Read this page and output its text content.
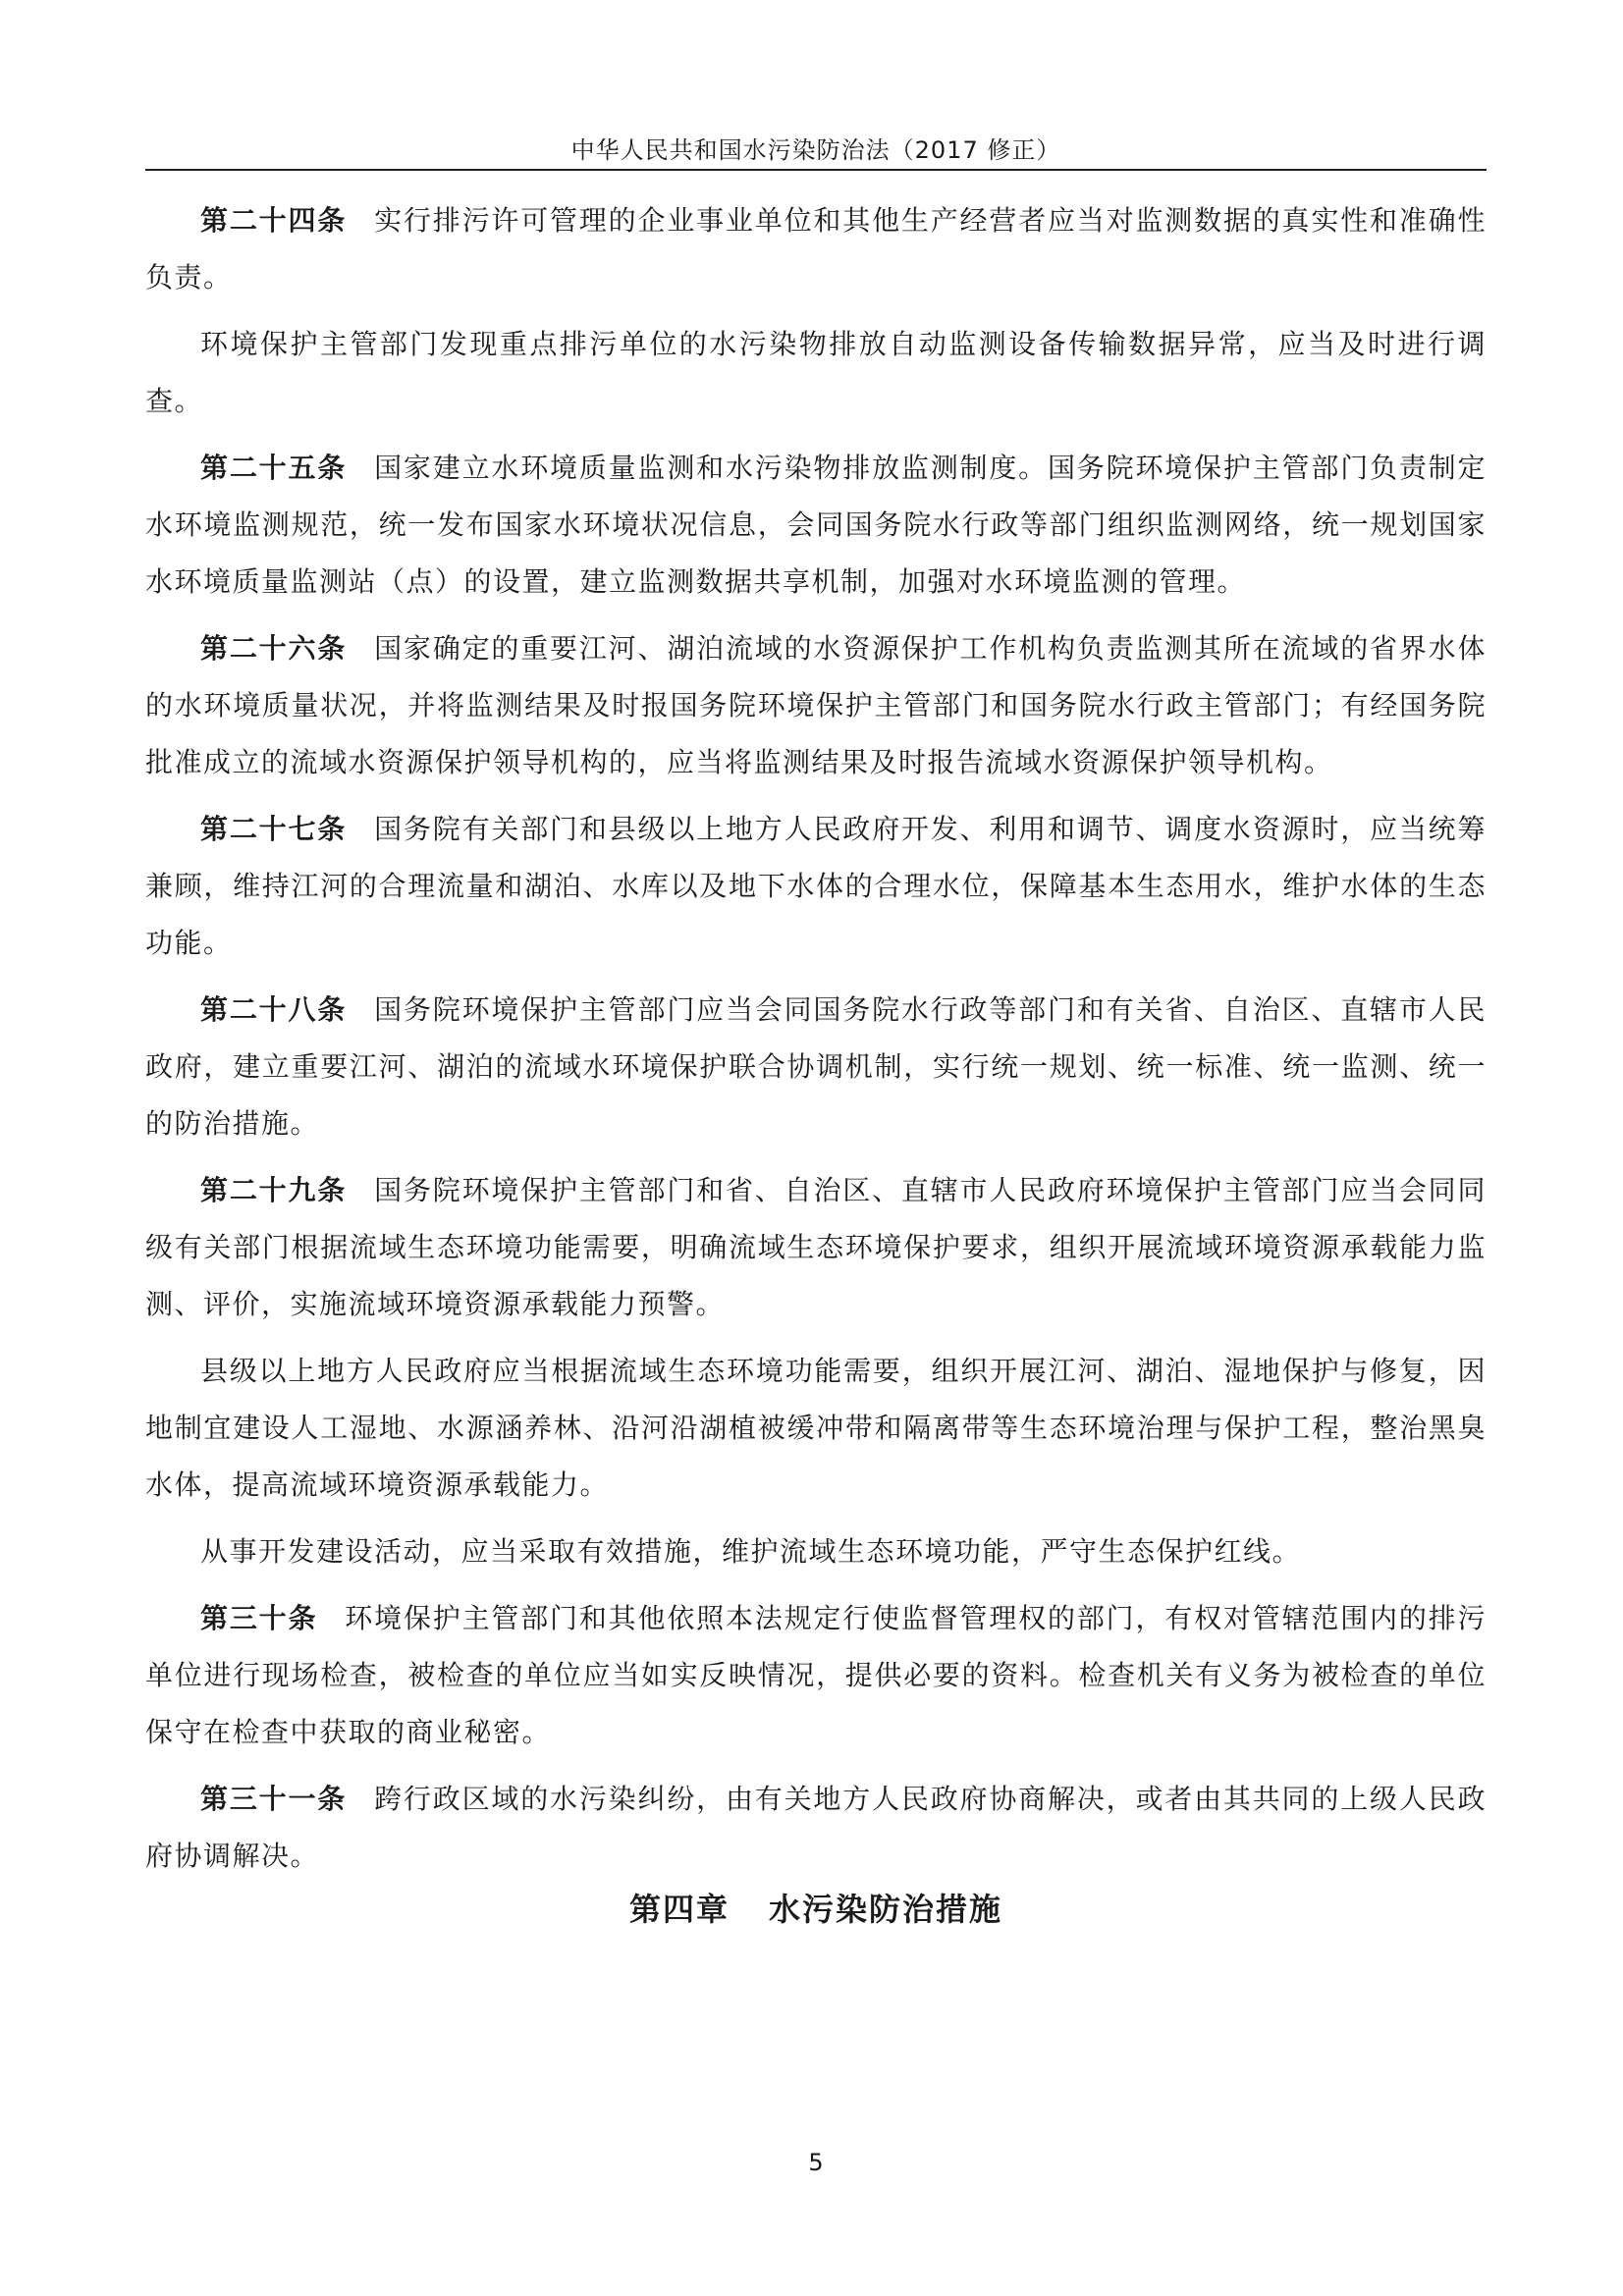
中华人民共和国水污染防治法（2017 修正）

第二十四条 实行排污许可管理的企业事业单位和其他生产经营者应当对监测数据的真实性和准确性负责。

环境保护主管部门发现重点排污单位的水污染物排放自动监测设备传输数据异常，应当及时进行调查。

第二十五条 国家建立水环境质量监测和水污染物排放监测制度。国务院环境保护主管部门负责制定水环境监测规范，统一发布国家水环境状况信息，会同国务院水行政等部门组织监测网络，统一规划国家水环境质量监测站（点）的设置，建立监测数据共享机制，加强对水环境监测的管理。

第二十六条 国家确定的重要江河、湖泊流域的水资源保护工作机构负责监测其所在流域的省界水体的水环境质量状况，并将监测结果及时报国务院环境保护主管部门和国务院水行政主管部门；有经国务院批准成立的流域水资源保护领导机构的，应当将监测结果及时报告流域水资源保护领导机构。

第二十七条 国务院有关部门和县级以上地方人民政府开发、利用和调节、调度水资源时，应当统筹兼顾，维持江河的合理流量和湖泊、水库以及地下水体的合理水位，保障基本生态用水，维护水体的生态功能。

第二十八条 国务院环境保护主管部门应当会同国务院水行政等部门和有关省、自治区、直辖市人民政府，建立重要江河、湖泊的流域水环境保护联合协调机制，实行统一规划、统一标准、统一监测、统一的防治措施。

第二十九条 国务院环境保护主管部门和省、自治区、直辖市人民政府环境保护主管部门应当会同同级有关部门根据流域生态环境功能需要，明确流域生态环境保护要求，组织开展流域环境资源承载能力监测、评价，实施流域环境资源承载能力预警。

县级以上地方人民政府应当根据流域生态环境功能需要，组织开展江河、湖泊、湿地保护与修复，因地制宜建设人工湿地、水源涵养林、沿河沿湖植被缓冲带和隔离带等生态环境治理与保护工程，整治黑臭水体，提高流域环境资源承载能力。

从事开发建设活动，应当采取有效措施，维护流域生态环境功能，严守生态保护红线。

第三十条 环境保护主管部门和其他依照本法规定行使监督管理权的部门，有权对管辖范围内的排污单位进行现场检查，被检查的单位应当如实反映情况，提供必要的资料。检查机关有义务为被检查的单位保守在检查中获取的商业秘密。

第三十一条 跨行政区域的水污染纠纷，由有关地方人民政府协商解决，或者由其共同的上级人民政府协调解决。

第四章 水污染防治措施
5
